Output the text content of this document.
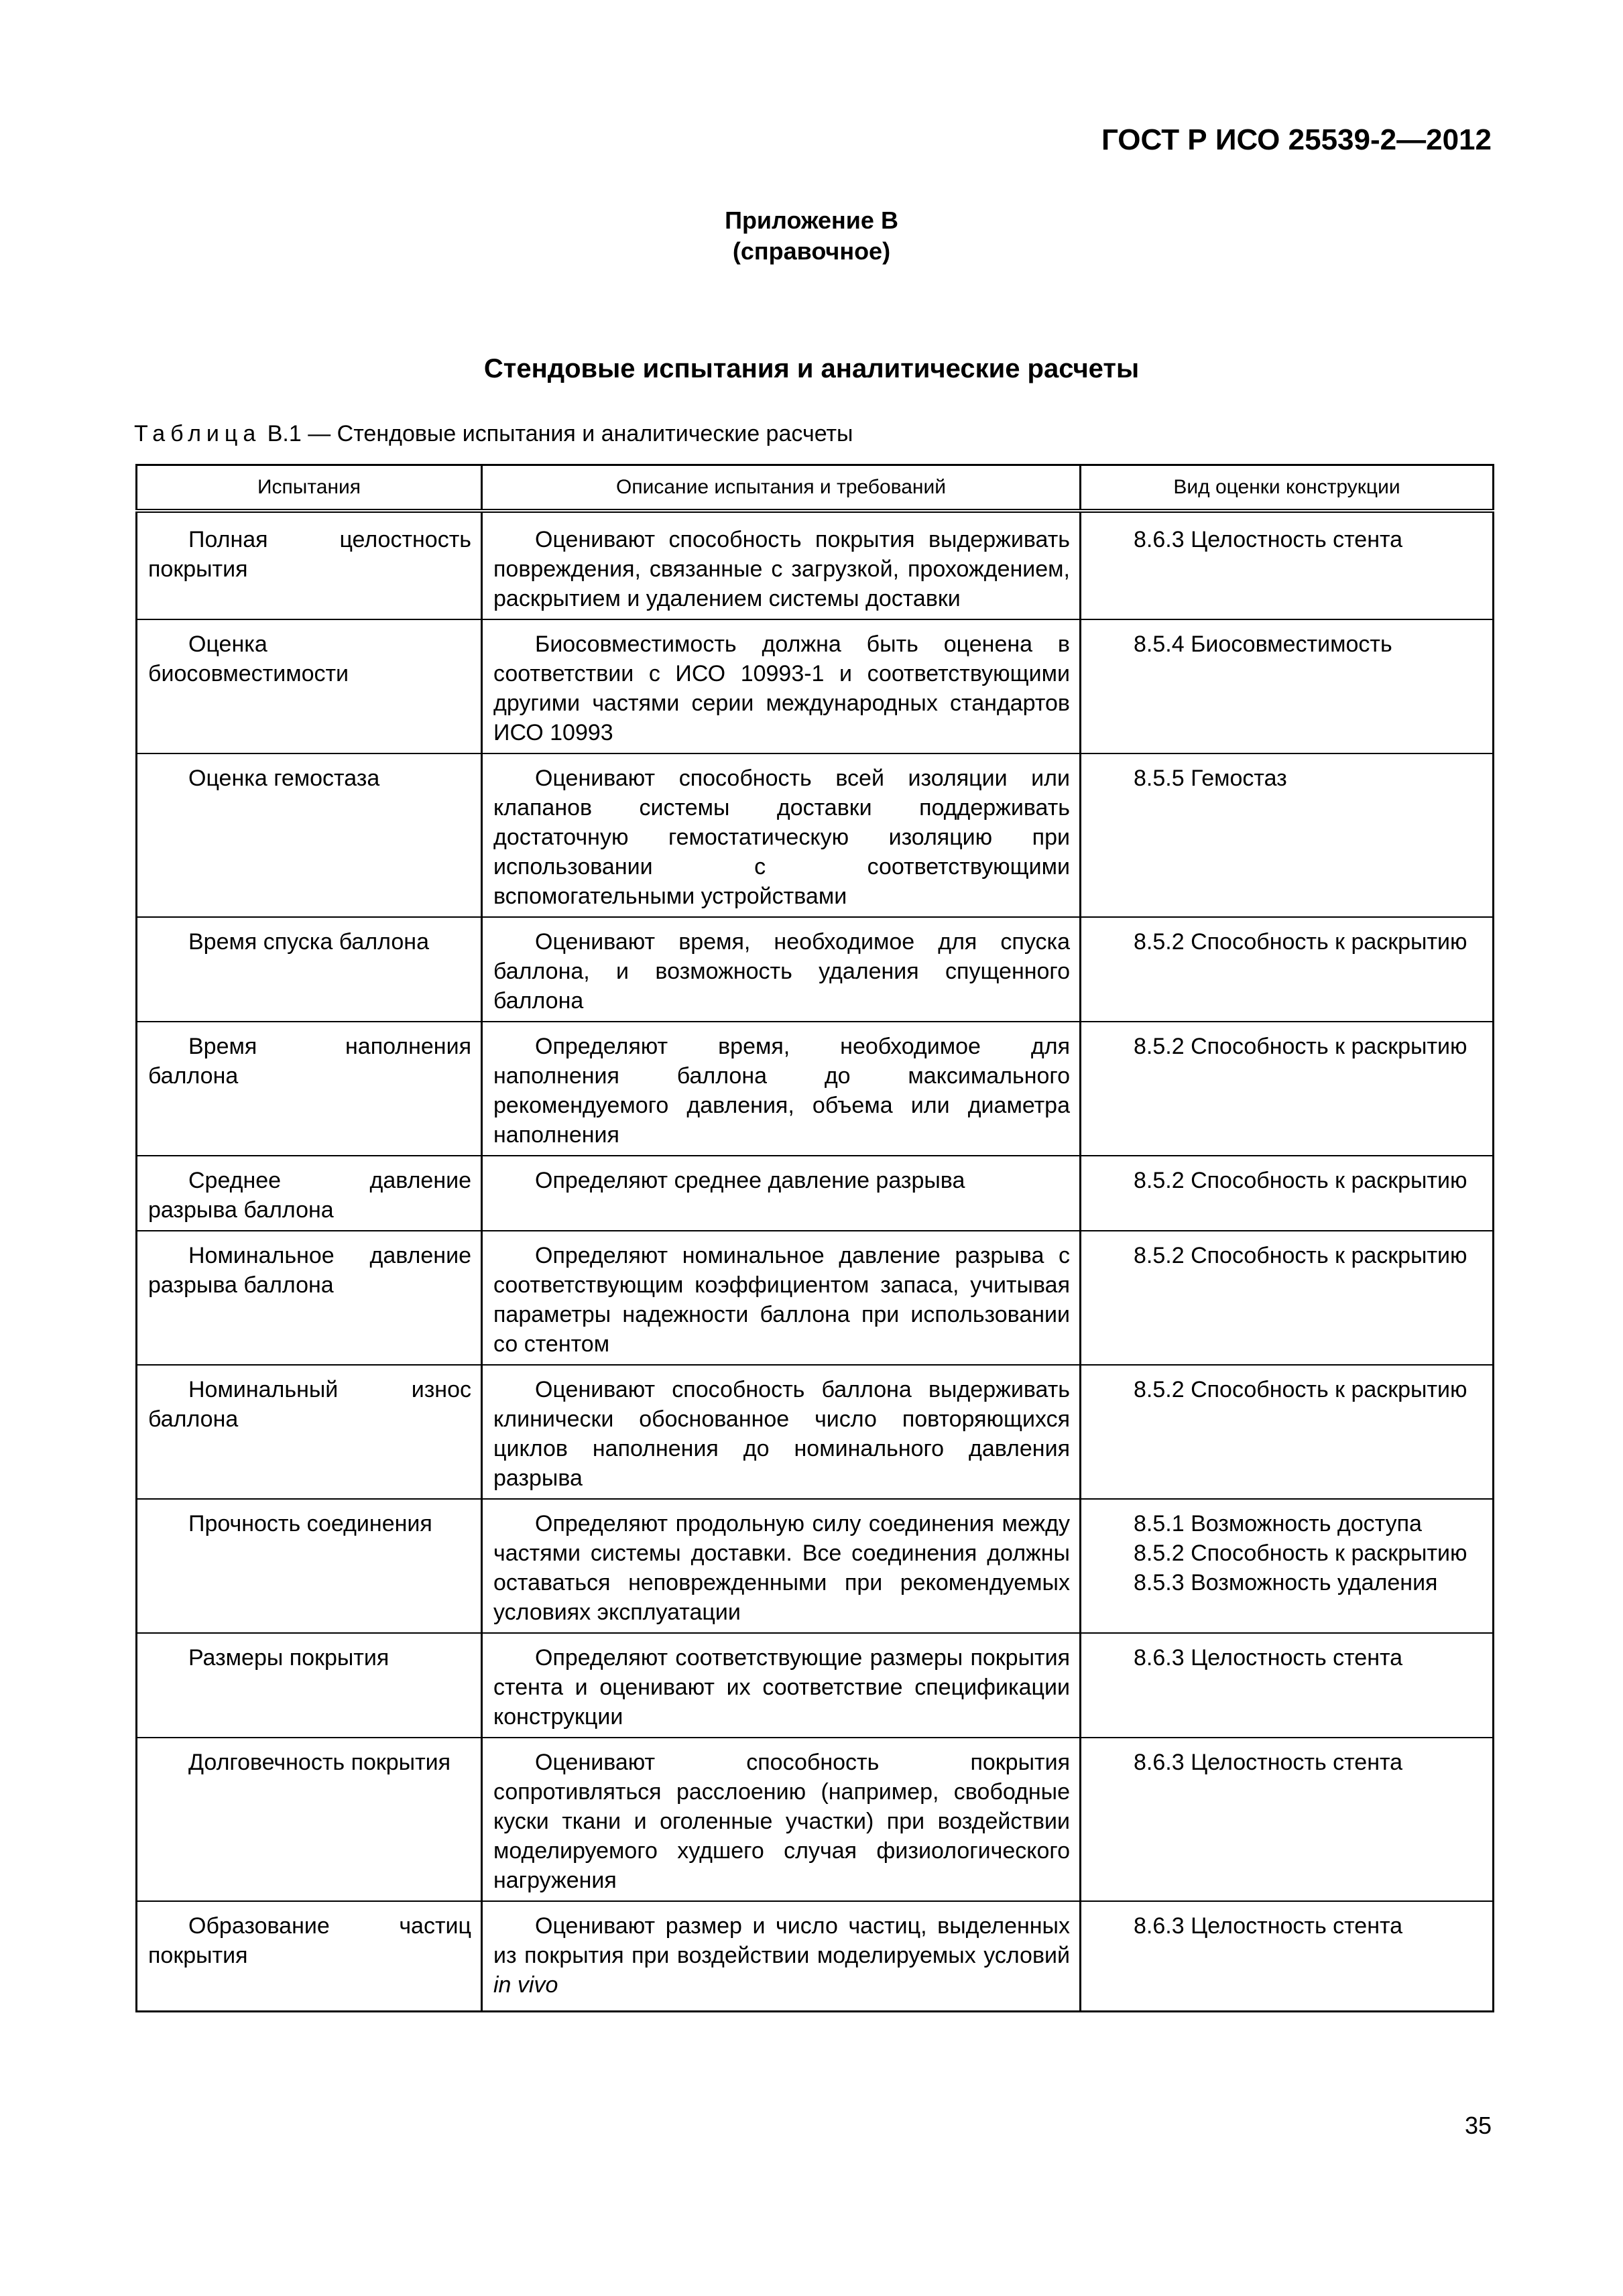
ГОСТ Р ИСО 25539-2—2012
Приложение В
(справочное)
Стендовые испытания и аналитические расчеты
Таблица В.1 — Стендовые испытания и аналитические расчеты
Испытания	Описание испытания и требований	Вид оценки конструкции
Полная целостность покрытия	Оценивают способность покрытия выдерживать повреждения, связанные с загрузкой, прохождением, раскрытием и удалением системы доставки	8.6.3 Целостность стента

Оценка биосовместимости	Биосовместимость должна быть оценена в соответствии с ИСО 10993-1 и соответствующими другими частями серии международных стандартов ИСО 10993	8.5.4 Биосовместимость

Оценка гемостаза	Оценивают способность всей изоляции или клапанов системы доставки поддерживать достаточную гемостатическую изоляцию при использовании с соответствующими вспомогательными устройствами	8.5.5 Гемостаз

Время спуска баллона	Оценивают время, необходимое для спуска баллона, и возможность удаления спущенного баллона	8.5.2 Способность к раскрытию

Время наполнения баллона	Определяют время, необходимое для наполнения баллона до максимального рекомендуемого давления, объема или диаметра наполнения	8.5.2 Способность к раскрытию

Среднее давление разрыва баллона	Определяют среднее давление разрыва	8.5.2 Способность к раскрытию

Номинальное давление разрыва баллона	Определяют номинальное давление разрыва с соответствующим коэффициентом запаса, учитывая параметры надежности баллона при использовании со стентом	8.5.2 Способность к раскрытию

Номинальный износ баллона	Оценивают способность баллона выдерживать клинически обоснованное число повторяющихся циклов наполнения до номинального давления разрыва	8.5.2 Способность к раскрытию

Прочность соединения	Определяют продольную силу соединения между частями системы доставки. Все соединения должны оставаться неповрежденными при рекомендуемых условиях эксплуатации	8.5.1 Возможность доступа
8.5.2 Способность к раскрытию
8.5.3 Возможность удаления

Размеры покрытия	Определяют соответствующие размеры покрытия стента и оценивают их соответствие спецификации конструкции	8.6.3 Целостность стента

Долговечность покрытия	Оценивают способность покрытия сопротивляться расслоению (например, свободные куски ткани и оголенные участки) при воздействии моделируемого худшего случая физиологического нагружения	8.6.3 Целостность стента

Образование частиц покрытия	Оценивают размер и число частиц, выделенных из покрытия при воздействии моделируемых условий in vivo	8.6.3 Целостность стента
35
